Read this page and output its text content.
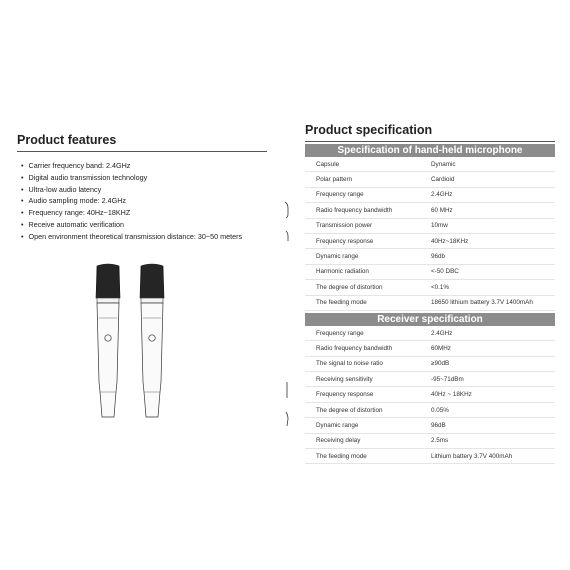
Product features
• Carrier frequency band: 2.4GHz
• Digital audio transmission technology
• Ultra-low audio latency
• Audio sampling mode: 2.4GHz
• Frequency range: 40Hz~18KHZ
• Receive automatic verification
• Open environment theoretical transmission distance: 30~50 meters
Product specification
Specification of hand-held microphone
Capsule	Dynamic
Polar pattern	Cardioid
Frequency range	2.4GHz
Radio frequency bandwidth	60 MHz
Transmission power	10mw
Frequency response	40Hz~18KHz
Dynamic range	96db
Harmonic radiation	<-50 DBC
The degree of distortion	<0.1%
The feeding mode	18650 lithium battery 3.7V 1400mAh
Receiver specification
Frequency range	2.4GHz
Radio frequency bandwidth	60MHz
The signal to noise ratio	≥90dB
Receiving sensitivity	-95~71dBm
Frequency response	40Hz ~ 18KHz
The degree of distortion	0.05%
Dynamic range	96dB
Receiving delay	2.5ms
The feeding mode	Lithium battery 3.7V 400mAh
